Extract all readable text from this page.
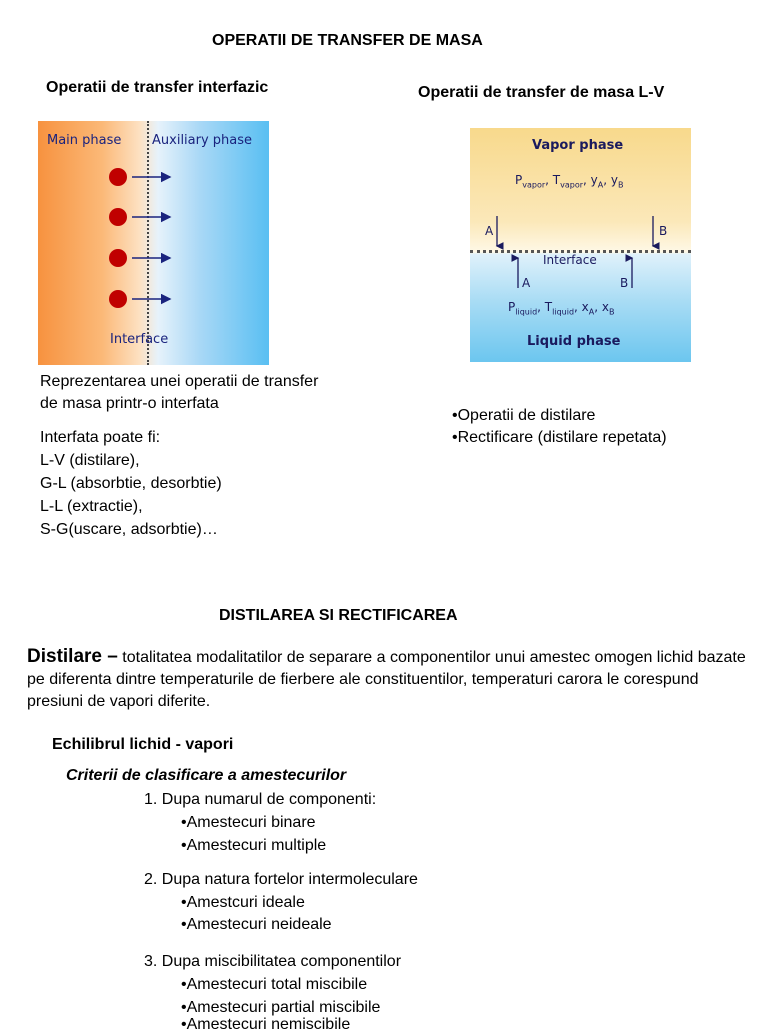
OPERATII DE TRANSFER DE MASA
Operatii de transfer interfazic
Main phase Auxiliary phase
Interface
Operatii de transfer de masa L-V
Vapor phase
$P_{vapor}$, $T_{vapor}$, $y_A$, $y_B$
Interface
A	B
A	B
$P_{liquid}$, $T_{liquid}$, $x_A$, $x_B$
Liquid phase
Reprezentarea unei operatii de transfer
de masa printr-o interfata
Interfata poate fi:
L-V (distilare),
G-L (absorbtie, desorbtie)
L-L (extractie),
S-G(uscare, adsorbtie)…
•Operatii de distilare
•Rectificare (distilare repetata)
DISTILAREA SI RECTIFICAREA
Distilare – totalitatea modalitatilor de separare a componentilor unui amestec omogen lichid bazate pe diferenta dintre temperaturile de fierbere ale constituentilor, temperaturi carora le corespund presiuni de vapori diferite.
Echilibrul lichid - vapori
Criterii de clasificare a amestecurilor
1. Dupa numarul de componenti:
•Amestecuri binare
•Amestecuri multiple
2. Dupa natura fortelor intermoleculare
•Amestcuri ideale
•Amestecuri neideale
3. Dupa miscibilitatea componentilor
•Amestecuri total miscibile
•Amestecuri partial miscibile
•Amestecuri nemiscibile
